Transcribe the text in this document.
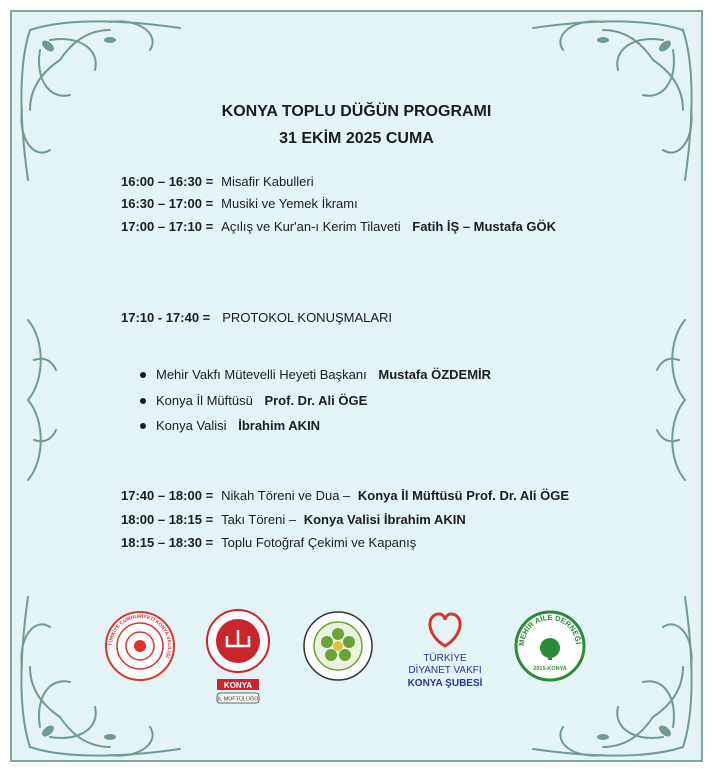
KONYA TOPLU DÜĞÜN PROGRAMI
31 EKİM 2025 CUMA
16:00 – 16:30 = Misafir Kabulleri
16:30 – 17:00 = Musiki ve Yemek İkramı
17:00 – 17:10 = Açılış ve Kur'an-ı Kerim Tilaveti Fatih İŞ – Mustafa GÖK
17:10 - 17:40 = PROTOKOL KONUŞMALARI
Mehir Vakfı Mütevelli Heyeti Başkanı Mustafa ÖZDEMİR
Konya İl Müftüsü Prof. Dr. Ali ÖGE
Konya Valisi İbrahim AKIN
17:40 – 18:00 = Nikah Töreni ve Dua – Konya İl Müftüsü Prof. Dr. Ali ÖGE
18:00 – 18:15 = Takı Töreni – Konya Valisi İbrahim AKIN
18:15 – 18:30 = Toplu Fotoğraf Çekimi ve Kapanış
TÜRKİYE CUMHURİYETİ KONYA VALİLİĞİ
KONYA
İL MÜFTÜLÜĞÜ
TÜRKİYE
DİYANET VAKFI
KONYA ŞUBESİ
MEHİR AİLE DERNEĞİ
2015-KONYA
